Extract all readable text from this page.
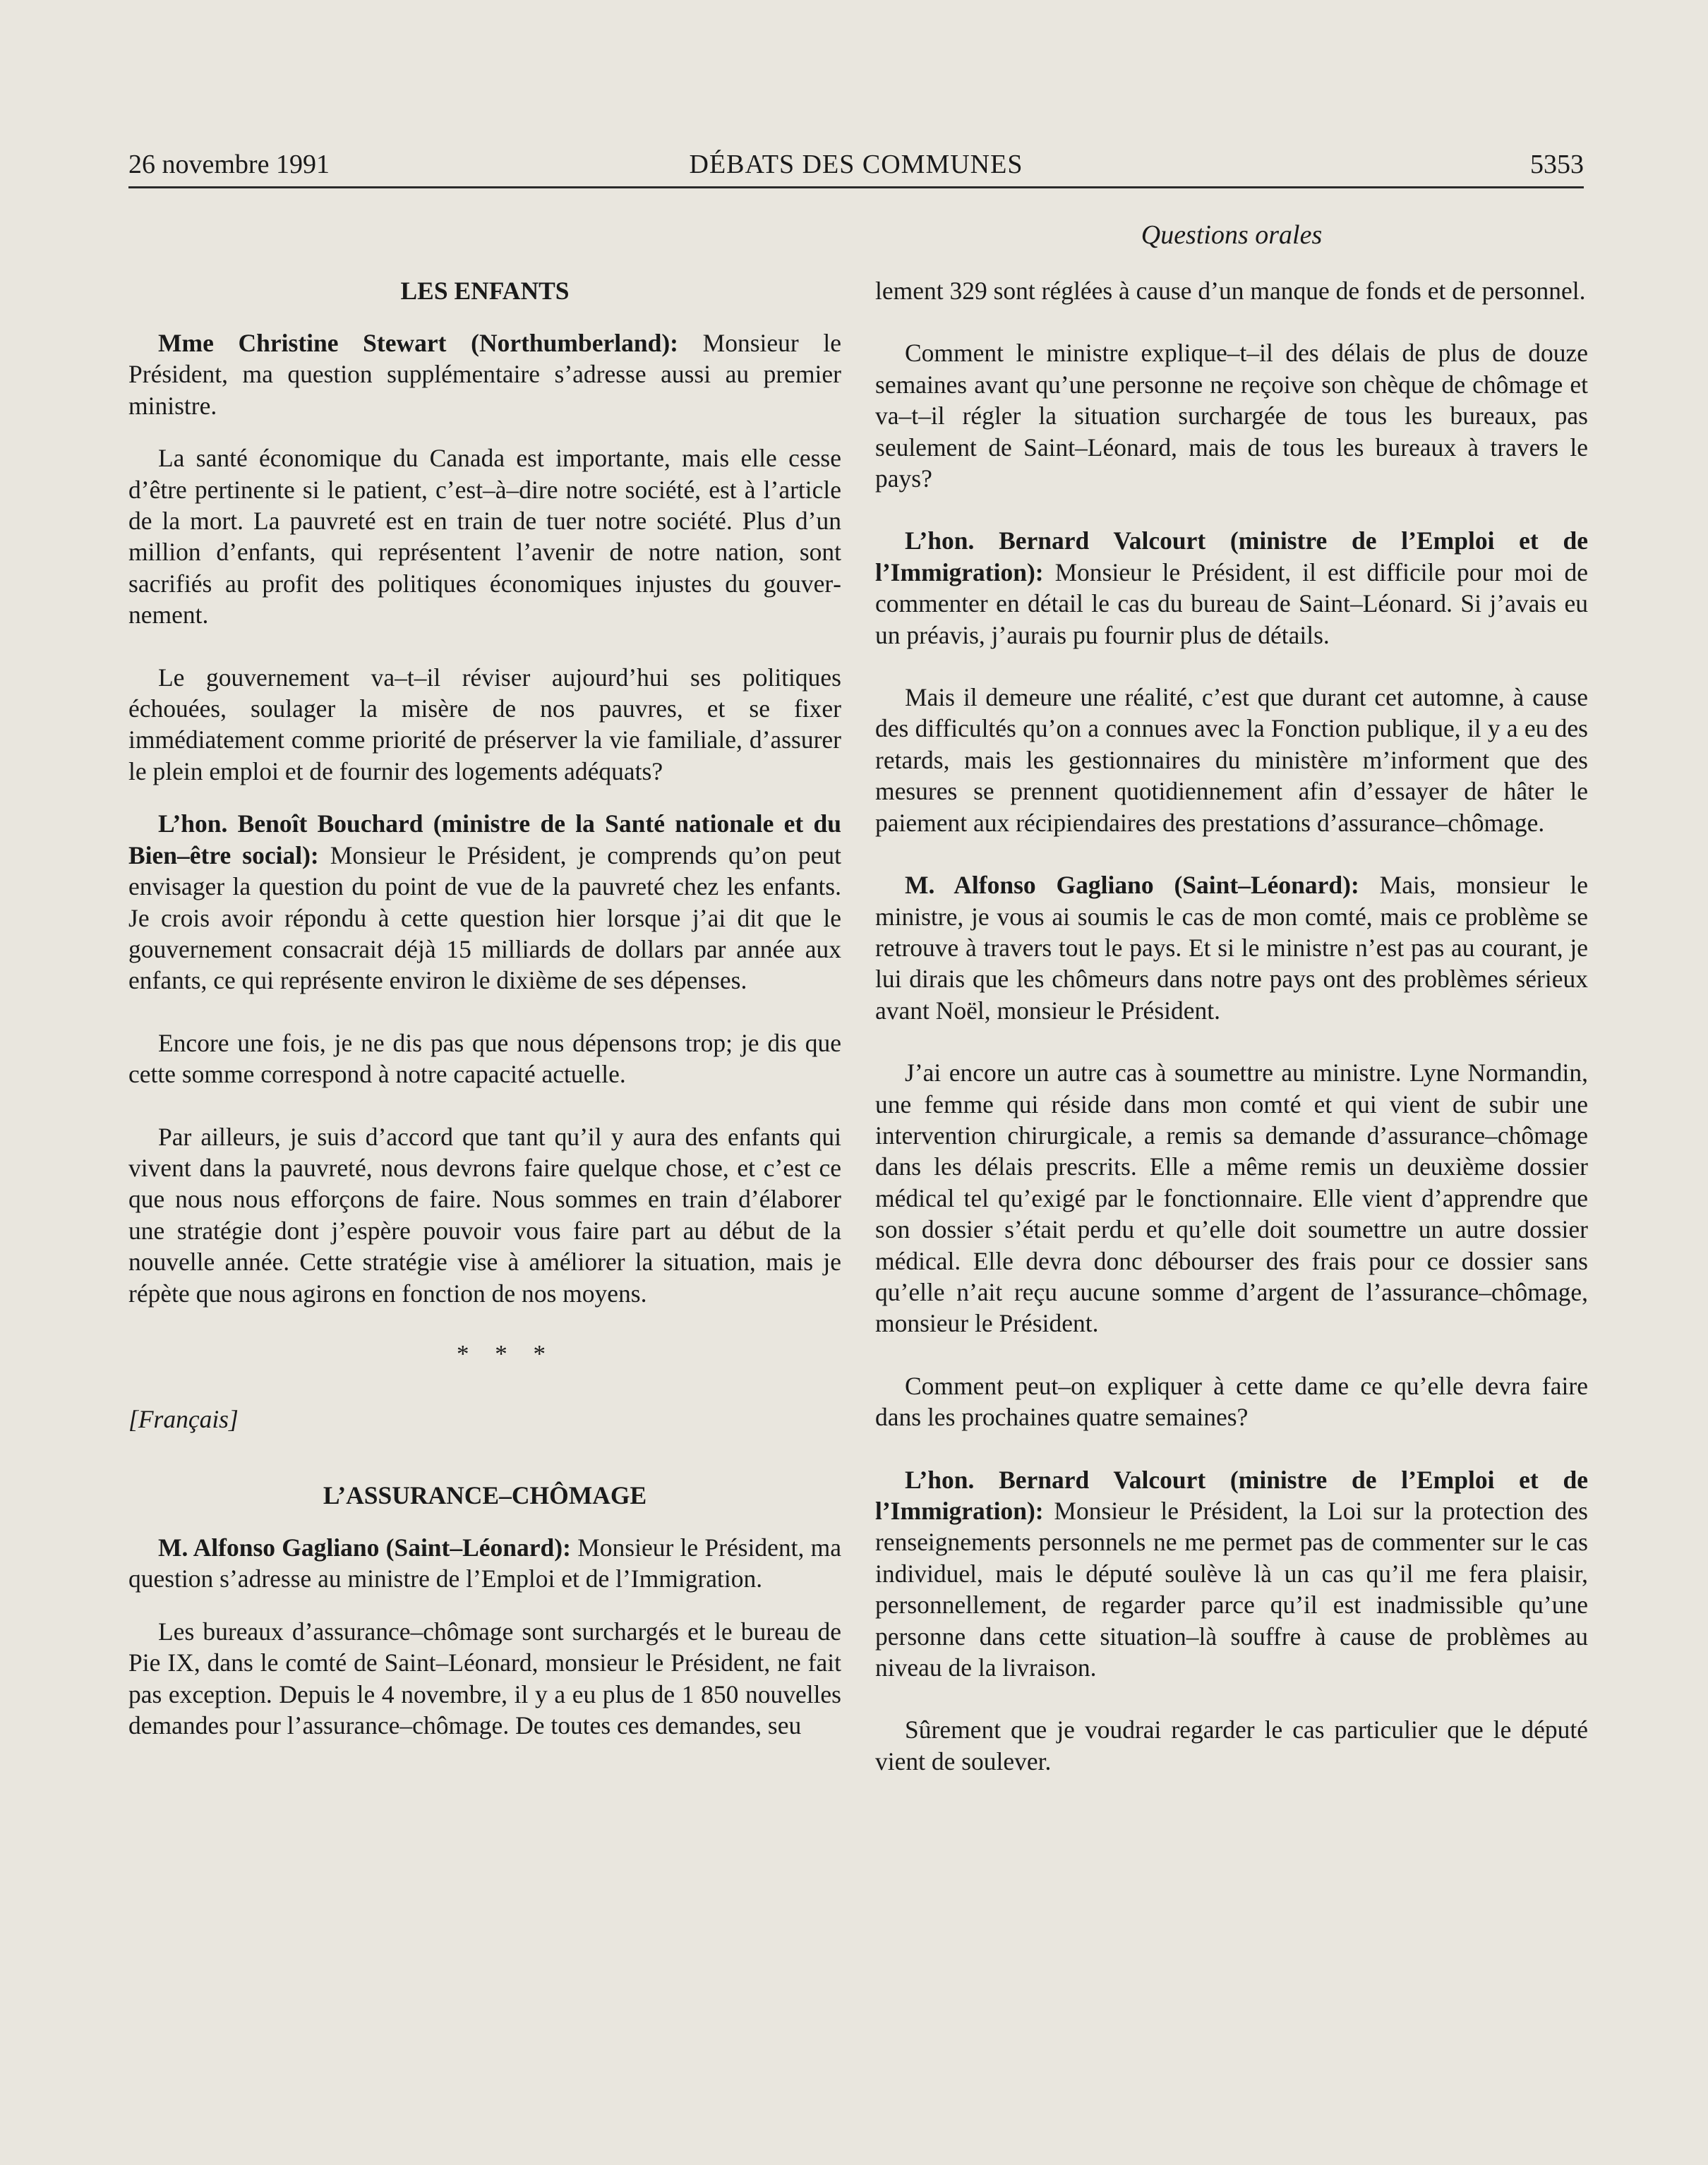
26 novembre 1991	DÉBATS DES COMMUNES	5353
Questions orales
LES ENFANTS

Mme Christine Stewart (Northumberland): Monsieur le Président, ma question supplémentaire s’adresse aussi au premier ministre.

La santé économique du Canada est importante, mais elle cesse d’être pertinente si le patient, c’est–à–dire notre société, est à l’article de la mort. La pauvreté est en train de tuer notre société. Plus d’un million d’enfants, qui représentent l’avenir de notre nation, sont sacrifiés au profit des politiques économiques injustes du gouvernement.

Le gouvernement va–t–il réviser aujourd’hui ses politiques échouées, soulager la misère de nos pauvres, et se fixer immédiatement comme priorité de préserver la vie familiale, d’assurer le plein emploi et de fournir des logements adéquats?

L’hon. Benoît Bouchard (ministre de la Santé nationale et du Bien–être social): Monsieur le Président, je comprends qu’on peut envisager la question du point de vue de la pauvreté chez les enfants. Je crois avoir répondu à cette question hier lorsque j’ai dit que le gouvernement consacrait déjà 15 milliards de dollars par année aux enfants, ce qui représente environ le dixième de ses dépenses.

Encore une fois, je ne dis pas que nous dépensons trop; je dis que cette somme correspond à notre capacité actuelle.

Par ailleurs, je suis d’accord que tant qu’il y aura des enfants qui vivent dans la pauvreté, nous devrons faire quelque chose, et c’est ce que nous nous efforçons de faire. Nous sommes en train d’élaborer une stratégie dont j’espère pouvoir vous faire part au début de la nouvelle année. Cette stratégie vise à améliorer la situation, mais je répète que nous agirons en fonction de nos moyens.

* * *
[Français]
L’ASSURANCE–CHÔMAGE

M. Alfonso Gagliano (Saint–Léonard): Monsieur le Président, ma question s’adresse au ministre de l’Emploi et de l’Immigration.

Les bureaux d’assurance–chômage sont surchargés et le bureau de Pie IX, dans le comté de Saint–Léonard, monsieur le Président, ne fait pas exception. Depuis le 4 novembre, il y a eu plus de 1 850 nouvelles demandes pour l’assurance–chômage. De toutes ces demandes, seu

lement 329 sont réglées à cause d’un manque de fonds et de personnel.

Comment le ministre explique–t–il des délais de plus de douze semaines avant qu’une personne ne reçoive son chèque de chômage et va–t–il régler la situation surchargée de tous les bureaux, pas seulement de Saint–Léonard, mais de tous les bureaux à travers le pays?

L’hon. Bernard Valcourt (ministre de l’Emploi et de l’Immigration): Monsieur le Président, il est difficile pour moi de commenter en détail le cas du bureau de Saint–Léonard. Si j’avais eu un préavis, j’aurais pu fournir plus de détails.

Mais il demeure une réalité, c’est que durant cet automne, à cause des difficultés qu’on a connues avec la Fonction publique, il y a eu des retards, mais les gestionnaires du ministère m’informent que des mesures se prennent quotidiennement afin d’essayer de hâter le paiement aux récipiendaires des prestations d’assurance–chômage.

M. Alfonso Gagliano (Saint–Léonard): Mais, monsieur le ministre, je vous ai soumis le cas de mon comté, mais ce problème se retrouve à travers tout le pays. Et si le ministre n’est pas au courant, je lui dirais que les chômeurs dans notre pays ont des problèmes sérieux avant Noël, monsieur le Président.

J’ai encore un autre cas à soumettre au ministre. Lyne Normandin, une femme qui réside dans mon comté et qui vient de subir une intervention chirurgicale, a remis sa demande d’assurance–chômage dans les délais prescrits. Elle a même remis un deuxième dossier médical tel qu’exigé par le fonctionnaire. Elle vient d’apprendre que son dossier s’était perdu et qu’elle doit soumettre un autre dossier médical. Elle devra donc débourser des frais pour ce dossier sans qu’elle n’ait reçu aucune somme d’argent de l’assurance–chômage, monsieur le Président.

Comment peut–on expliquer à cette dame ce qu’elle devra faire dans les prochaines quatre semaines?

L’hon. Bernard Valcourt (ministre de l’Emploi et de l’Immigration): Monsieur le Président, la Loi sur la protection des renseignements personnels ne me permet pas de commenter sur le cas individuel, mais le député soulève là un cas qu’il me fera plaisir, personnellement, de regarder parce qu’il est inadmissible qu’une personne dans cette situation–là souffre à cause de problèmes au niveau de la livraison.

Sûrement que je voudrai regarder le cas particulier que le député vient de soulever.
